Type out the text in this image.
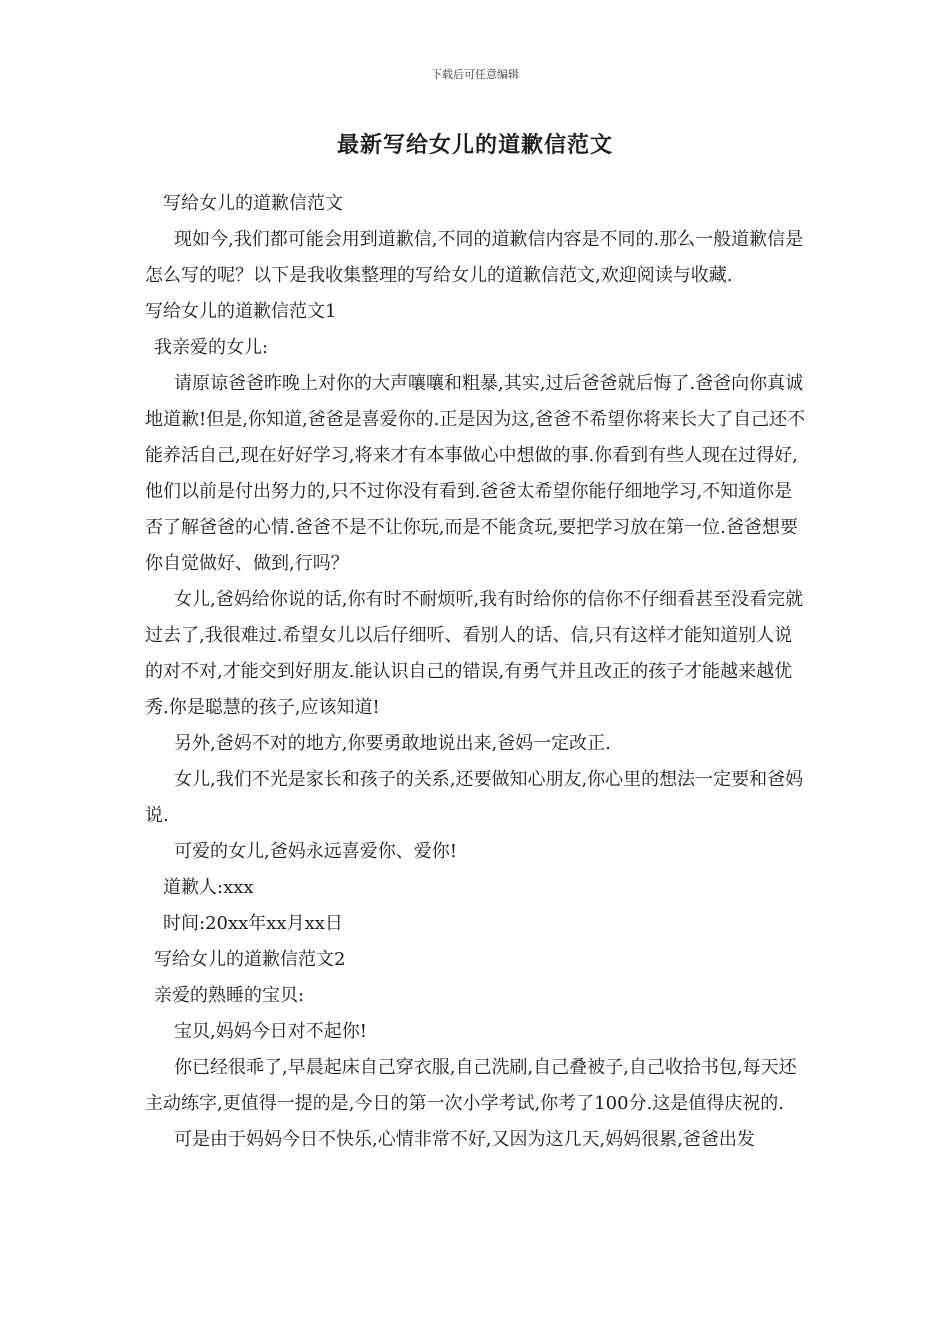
下载后可任意编辑
最新写给女儿的道歉信范文

写给女儿的道歉信范文

现如今,我们都可能会用到道歉信,不同的道歉信内容是不同的.那么一般道歉信是怎么写的呢？以下是我收集整理的写给女儿的道歉信范文,欢迎阅读与收藏.

写给女儿的道歉信范文1

我亲爱的女儿:

请原谅爸爸昨晚上对你的大声嚷嚷和粗暴,其实,过后爸爸就后悔了.爸爸向你真诚地道歉!但是,你知道,爸爸是喜爱你的.正是因为这,爸爸不希望你将来长大了自己还不能养活自己,现在好好学习,将来才有本事做心中想做的事.你看到有些人现在过得好,他们以前是付出努力的,只不过你没有看到.爸爸太希望你能仔细地学习,不知道你是否了解爸爸的心情.爸爸不是不让你玩,而是不能贪玩,要把学习放在第一位.爸爸想要你自觉做好、做到,行吗？

女儿,爸妈给你说的话,你有时不耐烦听,我有时给你的信你不仔细看甚至没看完就过去了,我很难过.希望女儿以后仔细听、看别人的话、信,只有这样才能知道别人说的对不对,才能交到好朋友.能认识自己的错误,有勇气并且改正的孩子才能越来越优秀.你是聪慧的孩子,应该知道!

另外,爸妈不对的地方,你要勇敢地说出来,爸妈一定改正.

女儿,我们不光是家长和孩子的关系,还要做知心朋友,你心里的想法一定要和爸妈说.

可爱的女儿,爸妈永远喜爱你、爱你!

道歉人:xxx

时间:20xx年xx月xx日

写给女儿的道歉信范文2

亲爱的熟睡的宝贝:

宝贝,妈妈今日对不起你!

你已经很乖了,早晨起床自己穿衣服,自己洗刷,自己叠被子,自己收拾书包,每天还主动练字,更值得一提的是,今日的第一次小学考试,你考了100分.这是值得庆祝的.

可是由于妈妈今日不快乐,心情非常不好,又因为这几天,妈妈很累,爸爸出发
